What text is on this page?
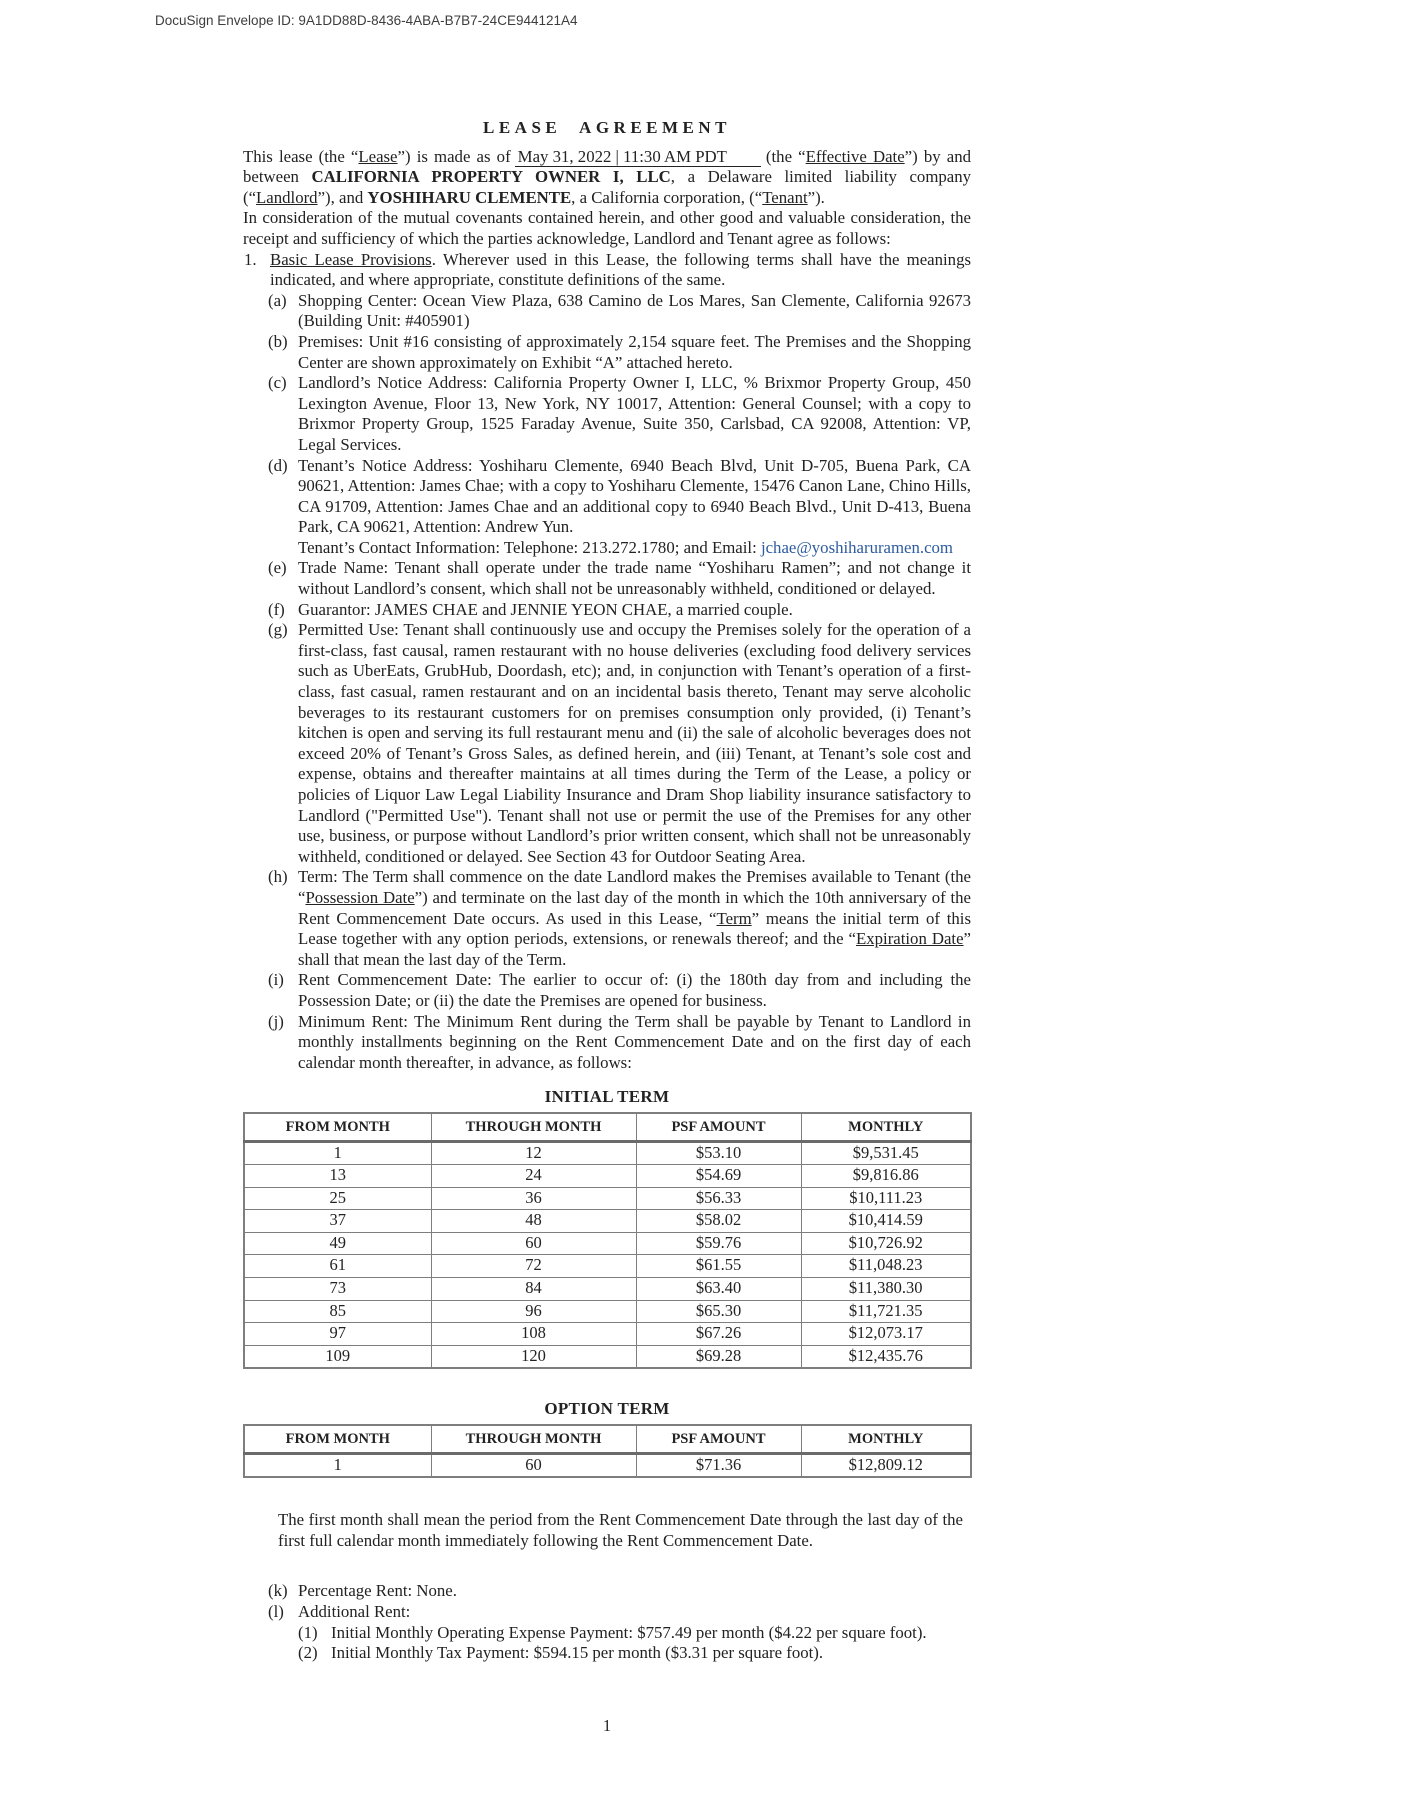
DocuSign Envelope ID: 9A1DD88D-8436-4ABA-B7B7-24CE944121A4
LEASE AGREEMENT

This lease (the “Lease”) is made as of May 31, 2022 | 11:30 AM PDT (the “Effective Date”) by and between CALIFORNIA PROPERTY OWNER I, LLC, a Delaware limited liability company (“Landlord”), and YOSHIHARU CLEMENTE, a California corporation, (“Tenant”).

In consideration of the mutual covenants contained herein, and other good and valuable consideration, the receipt and sufficiency of which the parties acknowledge, Landlord and Tenant agree as follows:

1. Basic Lease Provisions. Wherever used in this Lease, the following terms shall have the meanings indicated, and where appropriate, constitute definitions of the same.
(a) Shopping Center: Ocean View Plaza, 638 Camino de Los Mares, San Clemente, California 92673 (Building Unit: #405901)
(b) Premises: Unit #16 consisting of approximately 2,154 square feet. The Premises and the Shopping Center are shown approximately on Exhibit “A” attached hereto.
(c) Landlord’s Notice Address: California Property Owner I, LLC, % Brixmor Property Group, 450 Lexington Avenue, Floor 13, New York, NY 10017, Attention: General Counsel; with a copy to Brixmor Property Group, 1525 Faraday Avenue, Suite 350, Carlsbad, CA 92008, Attention: VP, Legal Services.
(d) Tenant’s Notice Address: Yoshiharu Clemente, 6940 Beach Blvd, Unit D-705, Buena Park, CA 90621, Attention: James Chae; with a copy to Yoshiharu Clemente, 15476 Canon Lane, Chino Hills, CA 91709, Attention: James Chae and an additional copy to 6940 Beach Blvd., Unit D-413, Buena Park, CA 90621, Attention: Andrew Yun.

Tenant’s Contact Information: Telephone: 213.272.1780; and Email: jchae@yoshiharuramen.com

(e) Trade Name: Tenant shall operate under the trade name “Yoshiharu Ramen”; and not change it without Landlord’s consent, which shall not be unreasonably withheld, conditioned or delayed.
(f) Guarantor: JAMES CHAE and JENNIE YEON CHAE, a married couple.
(g) Permitted Use: Tenant shall continuously use and occupy the Premises solely for the operation of a first-class, fast causal, ramen restaurant with no house deliveries (excluding food delivery services such as UberEats, GrubHub, Doordash, etc); and, in conjunction with Tenant’s operation of a first-class, fast casual, ramen restaurant and on an incidental basis thereto, Tenant may serve alcoholic beverages to its restaurant customers for on premises consumption only provided, (i) Tenant’s kitchen is open and serving its full restaurant menu and (ii) the sale of alcoholic beverages does not exceed 20% of Tenant’s Gross Sales, as defined herein, and (iii) Tenant, at Tenant’s sole cost and expense, obtains and thereafter maintains at all times during the Term of the Lease, a policy or policies of Liquor Law Legal Liability Insurance and Dram Shop liability insurance satisfactory to Landlord ("Permitted Use"). Tenant shall not use or permit the use of the Premises for any other use, business, or purpose without Landlord’s prior written consent, which shall not be unreasonably withheld, conditioned or delayed. See Section 43 for Outdoor Seating Area.
(h) Term: The Term shall commence on the date Landlord makes the Premises available to Tenant (the “Possession Date”) and terminate on the last day of the month in which the 10th anniversary of the Rent Commencement Date occurs. As used in this Lease, “Term” means the initial term of this Lease together with any option periods, extensions, or renewals thereof; and the “Expiration Date” shall that mean the last day of the Term.
(i) Rent Commencement Date: The earlier to occur of: (i) the 180th day from and including the Possession Date; or (ii) the date the Premises are opened for business.
(j) Minimum Rent: The Minimum Rent during the Term shall be payable by Tenant to Landlord in monthly installments beginning on the Rent Commencement Date and on the first day of each calendar month thereafter, in advance, as follows:
INITIAL TERM
FROM MONTH	THROUGH MONTH	PSF AMOUNT	MONTHLY
1	12	$53.10	$9,531.45
13	24	$54.69	$9,816.86
25	36	$56.33	$10,111.23
37	48	$58.02	$10,414.59
49	60	$59.76	$10,726.92
61	72	$61.55	$11,048.23
73	84	$63.40	$11,380.30
85	96	$65.30	$11,721.35
97	108	$67.26	$12,073.17
109	120	$69.28	$12,435.76
OPTION TERM
FROM MONTH	THROUGH MONTH	PSF AMOUNT	MONTHLY
1	60	$71.36	$12,809.12

The first month shall mean the period from the Rent Commencement Date through the last day of the first full calendar month immediately following the Rent Commencement Date.

(k) Percentage Rent: None.
(l) Additional Rent:
(1) Initial Monthly Operating Expense Payment: $757.49 per month ($4.22 per square foot).
(2) Initial Monthly Tax Payment: $594.15 per month ($3.31 per square foot).
1
